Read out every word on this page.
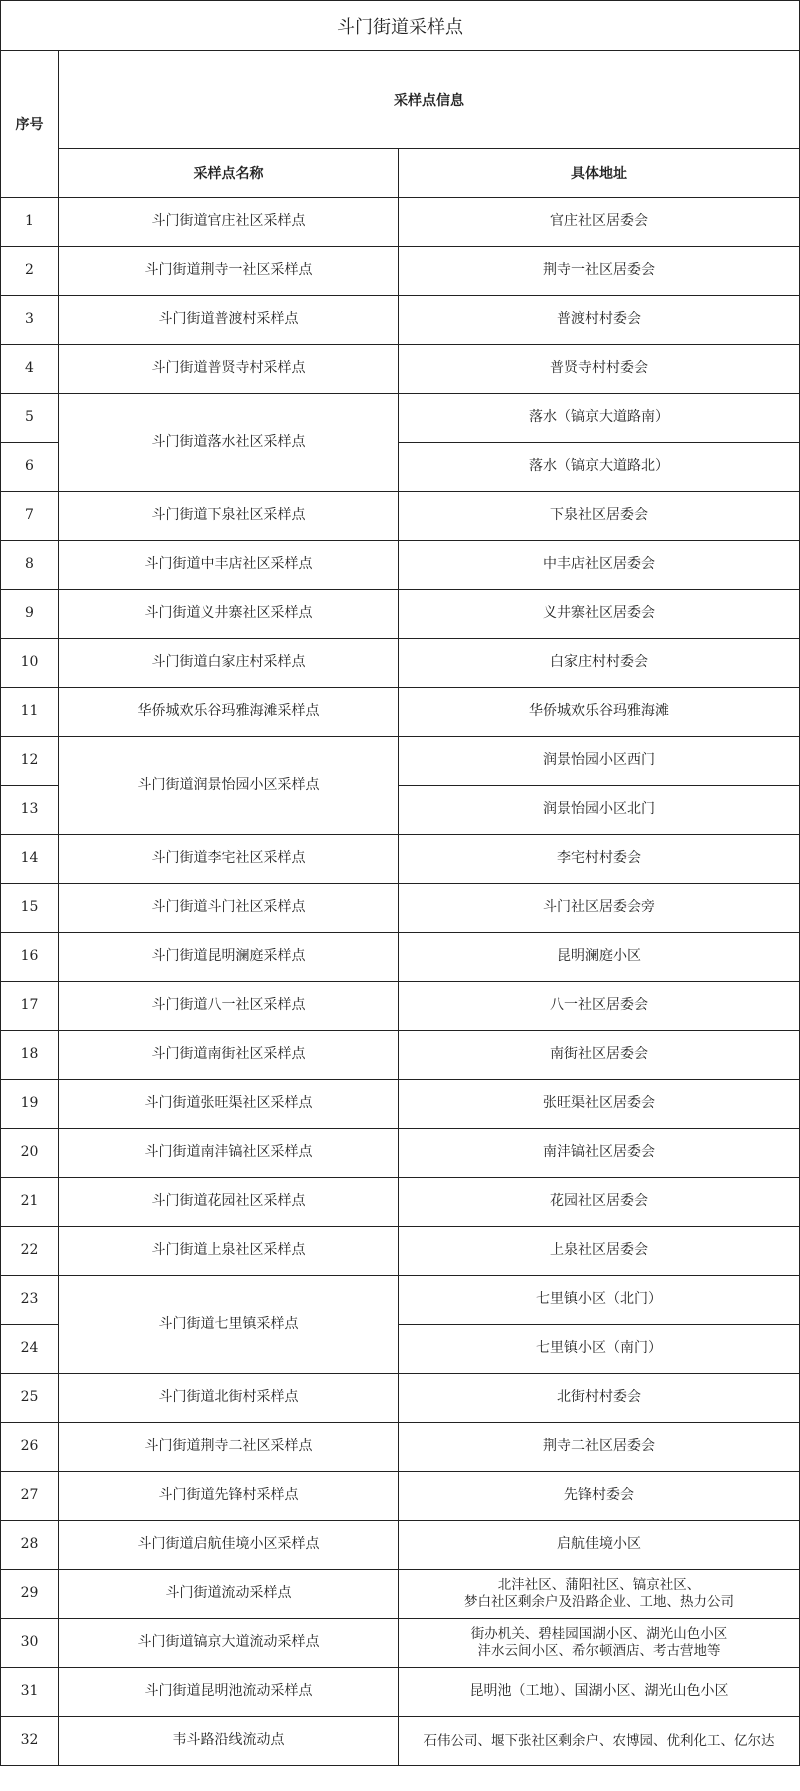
斗门街道采样点		
序号	采样点信息	
	采样点名称	具体地址
1	斗门街道官庄社区采样点	官庄社区居委会
2	斗门街道荆寺一社区采样点	荆寺一社区居委会
3	斗门街道普渡村采样点	普渡村村委会
4	斗门街道普贤寺村采样点	普贤寺村村委会
5	斗门街道落水社区采样点	落水（镐京大道路南）
6		落水（镐京大道路北）
7	斗门街道下泉社区采样点	下泉社区居委会
8	斗门街道中丰店社区采样点	中丰店社区居委会
9	斗门街道义井寨社区采样点	义井寨社区居委会
10	斗门街道白家庄村采样点	白家庄村村委会
11	华侨城欢乐谷玛雅海滩采样点	华侨城欢乐谷玛雅海滩
12	斗门街道润景怡园小区采样点	润景怡园小区西门
13		润景怡园小区北门
14	斗门街道李宅社区采样点	李宅村村委会
15	斗门街道斗门社区采样点	斗门社区居委会旁
16	斗门街道昆明澜庭采样点	昆明澜庭小区
17	斗门街道八一社区采样点	八一社区居委会
18	斗门街道南街社区采样点	南街社区居委会
19	斗门街道张旺渠社区采样点	张旺渠社区居委会
20	斗门街道南沣镐社区采样点	南沣镐社区居委会
21	斗门街道花园社区采样点	花园社区居委会
22	斗门街道上泉社区采样点	上泉社区居委会
23	斗门街道七里镇采样点	七里镇小区（北门）
24		七里镇小区（南门）
25	斗门街道北街村采样点	北街村村委会
26	斗门街道荆寺二社区采样点	荆寺二社区居委会
27	斗门街道先锋村采样点	先锋村委会
28	斗门街道启航佳境小区采样点	启航佳境小区
29	斗门街道流动采样点	北沣社区、蒲阳社区、镐京社区、
梦白社区剩余户及沿路企业、工地、热力公司

30	斗门街道镐京大道流动采样点	街办机关、碧桂园国湖小区、湖光山色小区
沣水云间小区、希尔顿酒店、考古营地等

31	斗门街道昆明池流动采样点	昆明池（工地）、国湖小区、湖光山色小区
32	韦斗路沿线流动点	石伟公司、堰下张社区剩余户、农博园、优利化工、亿尔达
